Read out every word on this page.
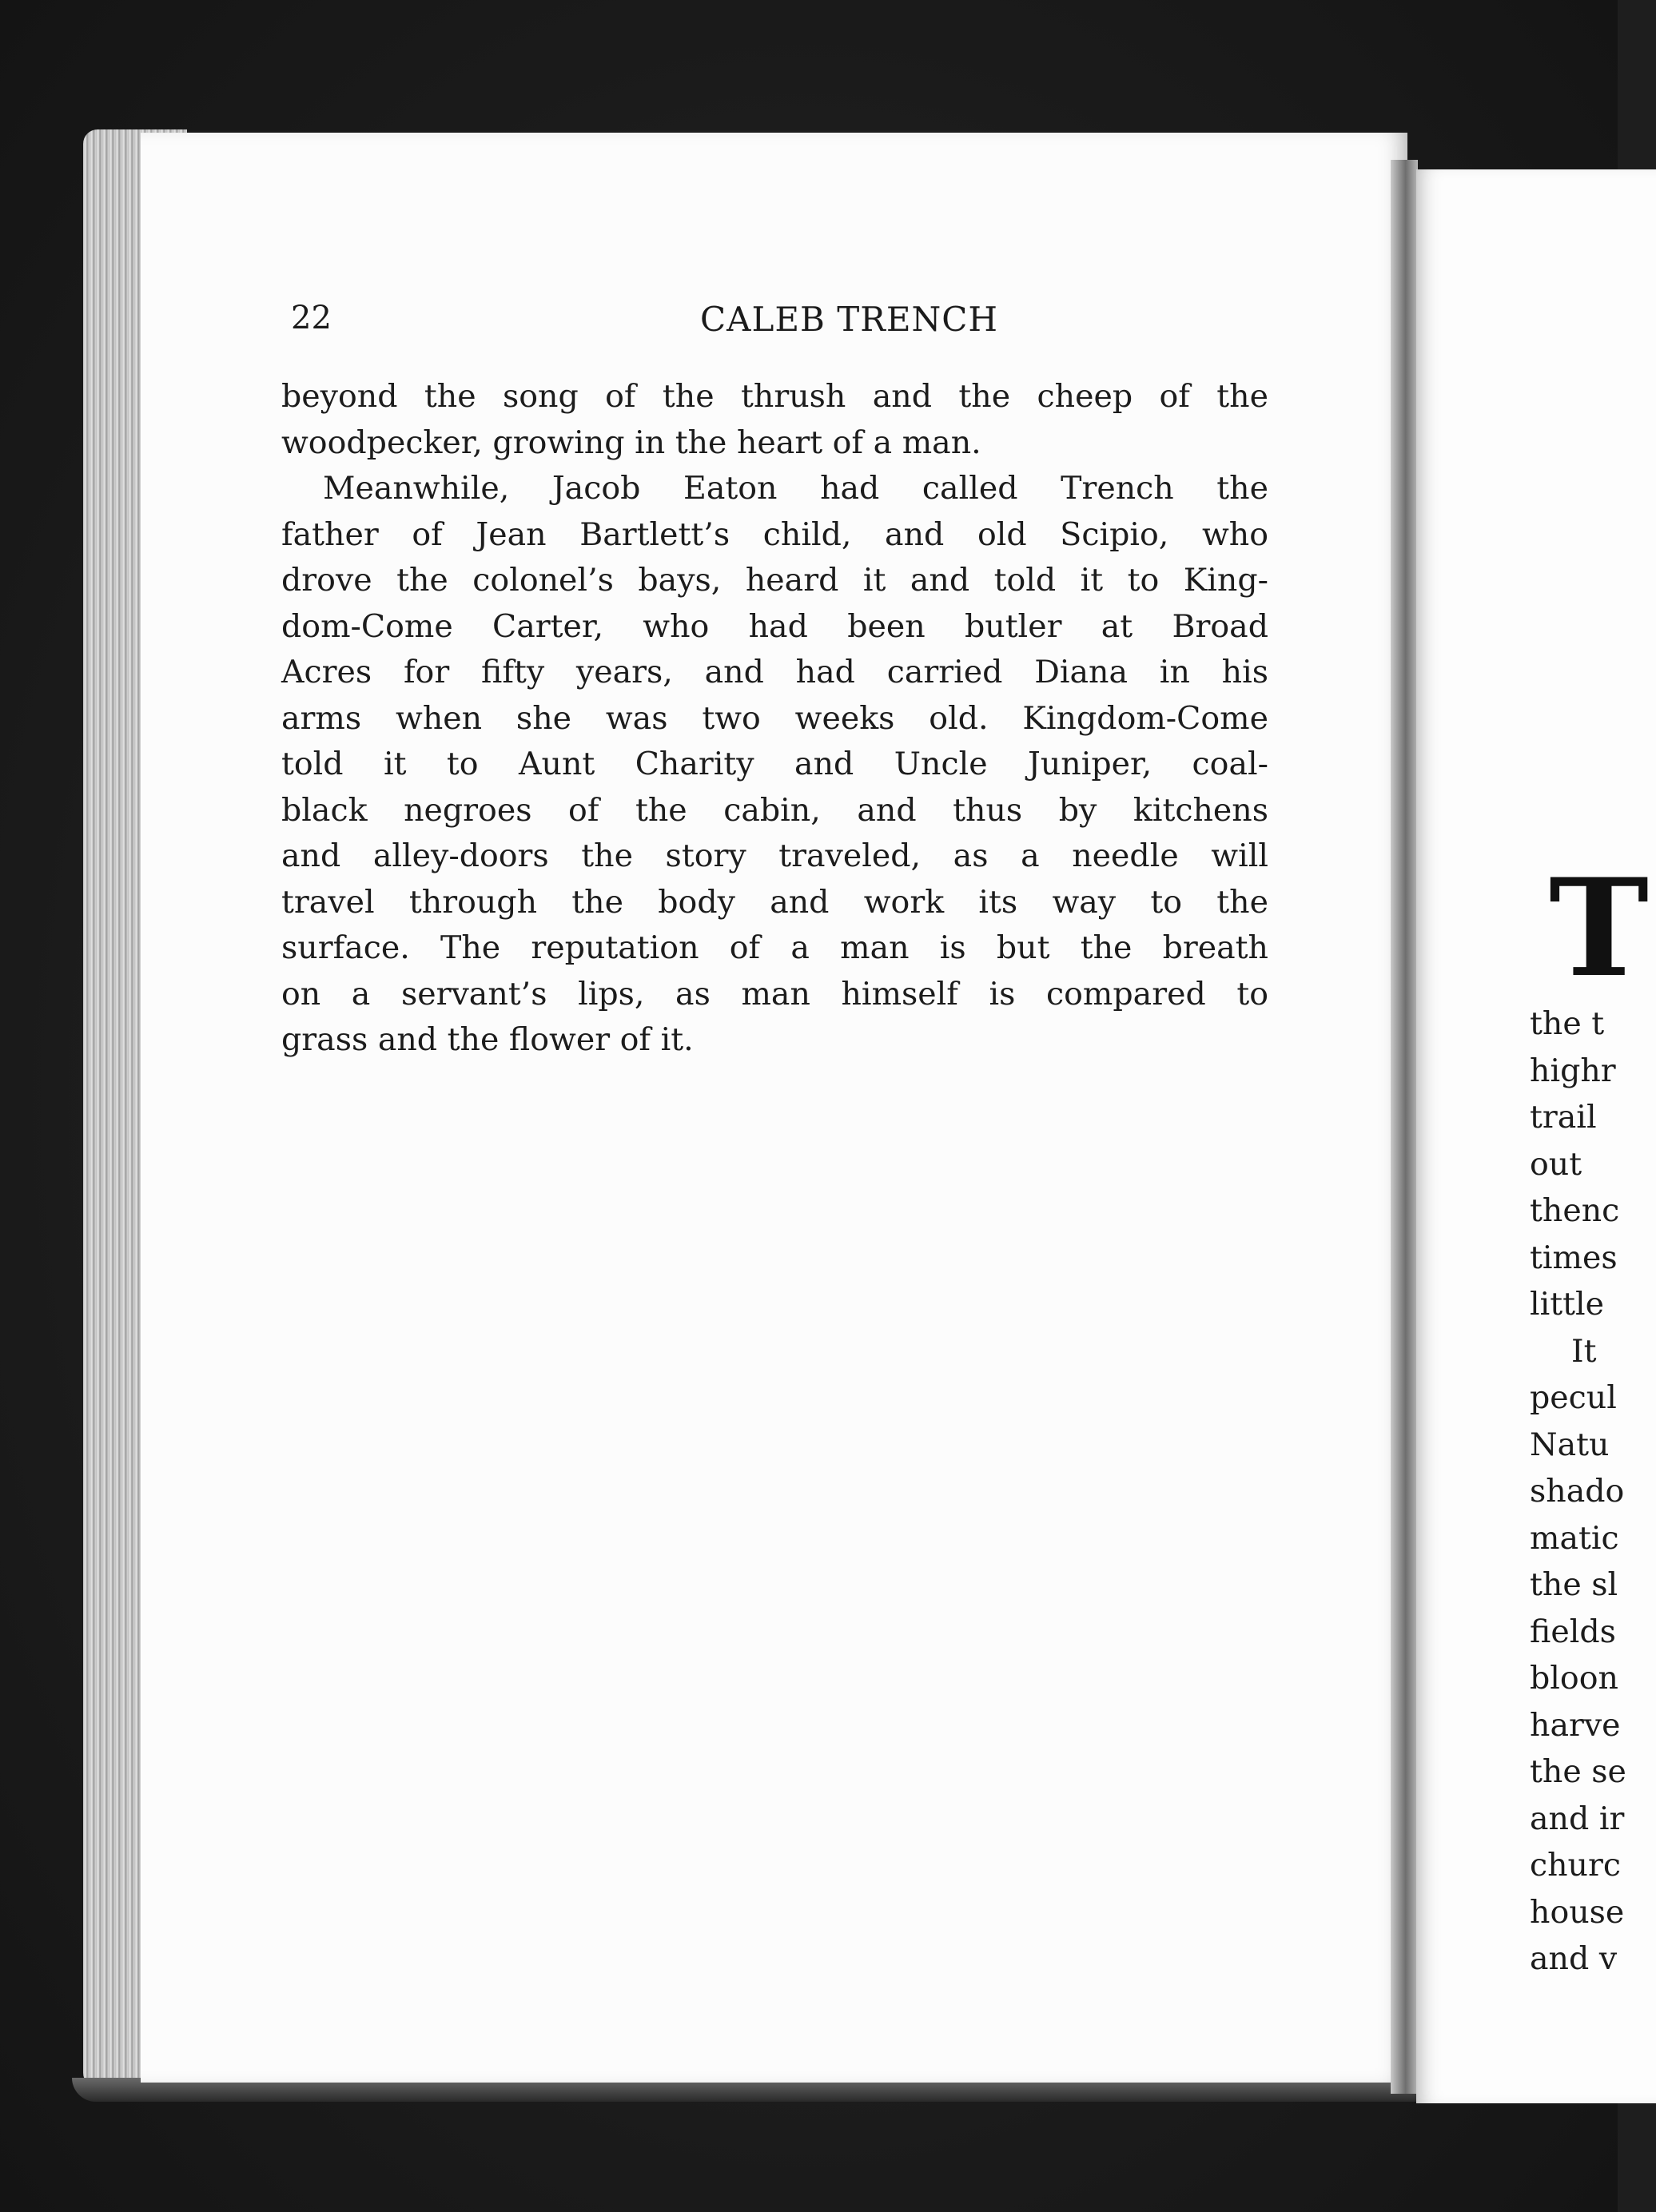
T
the t
highr
trail
out
thenc
times
little
It
pecul
Natu
shado
matic
the sl
fields
bloon
harve
the se
and ir
churc
house
and v
22	CALEB TRENCH
beyond the song of the thrush and the cheep of the
woodpecker, growing in the heart of a man.
Meanwhile, Jacob Eaton had called Trench the
father of Jean Bartlett’s child, and old Scipio, who
drove the colonel’s bays, heard it and told it to King-
dom-Come Carter, who had been butler at Broad
Acres for fifty years, and had carried Diana in his
arms when she was two weeks old. Kingdom-Come
told it to Aunt Charity and Uncle Juniper, coal-
black negroes of the cabin, and thus by kitchens
and alley-doors the story traveled, as a needle will
travel through the body and work its way to the
surface. The reputation of a man is but the breath
on a servant’s lips, as man himself is compared to
grass and the flower of it.
